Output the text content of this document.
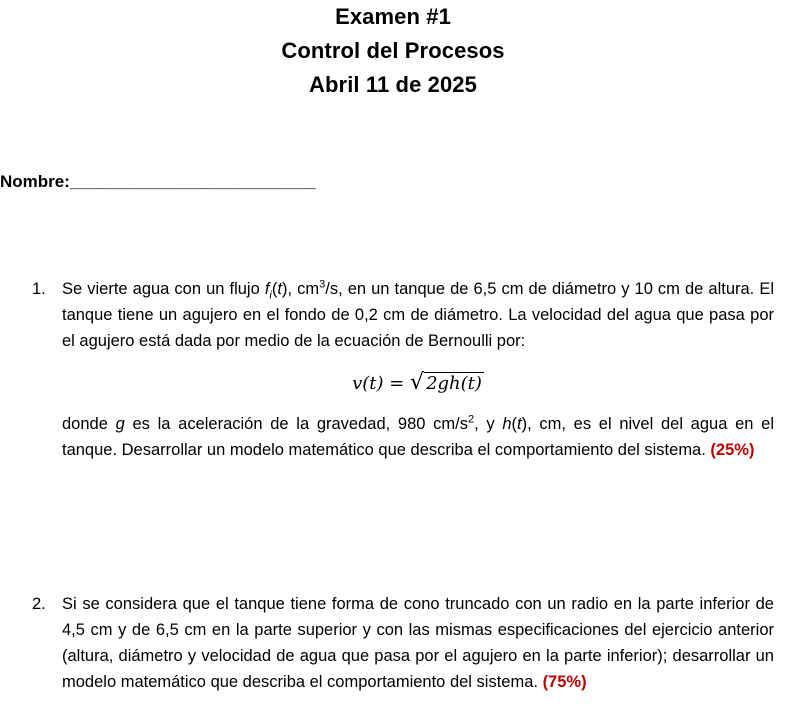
Examen #1
Control del Procesos
Abril 11 de 2025
Nombre:__________________________
1. Se vierte agua con un flujo $f_i(t)$, $cm^3/s$, en un tanque de 6,5 cm de diámetro y 10 cm de altura. El tanque tiene un agujero en el fondo de 0,2 cm de diámetro. La velocidad del agua que pasa por el agujero está dada por medio de la ecuación de Bernoulli por:

v(t) = √ 2gh(t)

donde g es la aceleración de la gravedad, 980 $cm/s^2$, y h(t), cm, es el nivel del agua en el tanque. Desarrollar un modelo matemático que describa el comportamiento del sistema. (25%)

2. Si se considera que el tanque tiene forma de cono truncado con un radio en la parte inferior de 4,5 cm y de 6,5 cm en la parte superior y con las mismas especificaciones del ejercicio anterior (altura, diámetro y velocidad de agua que pasa por el agujero en la parte inferior); desarrollar un modelo matemático que describa el comportamiento del sistema. (75%)
